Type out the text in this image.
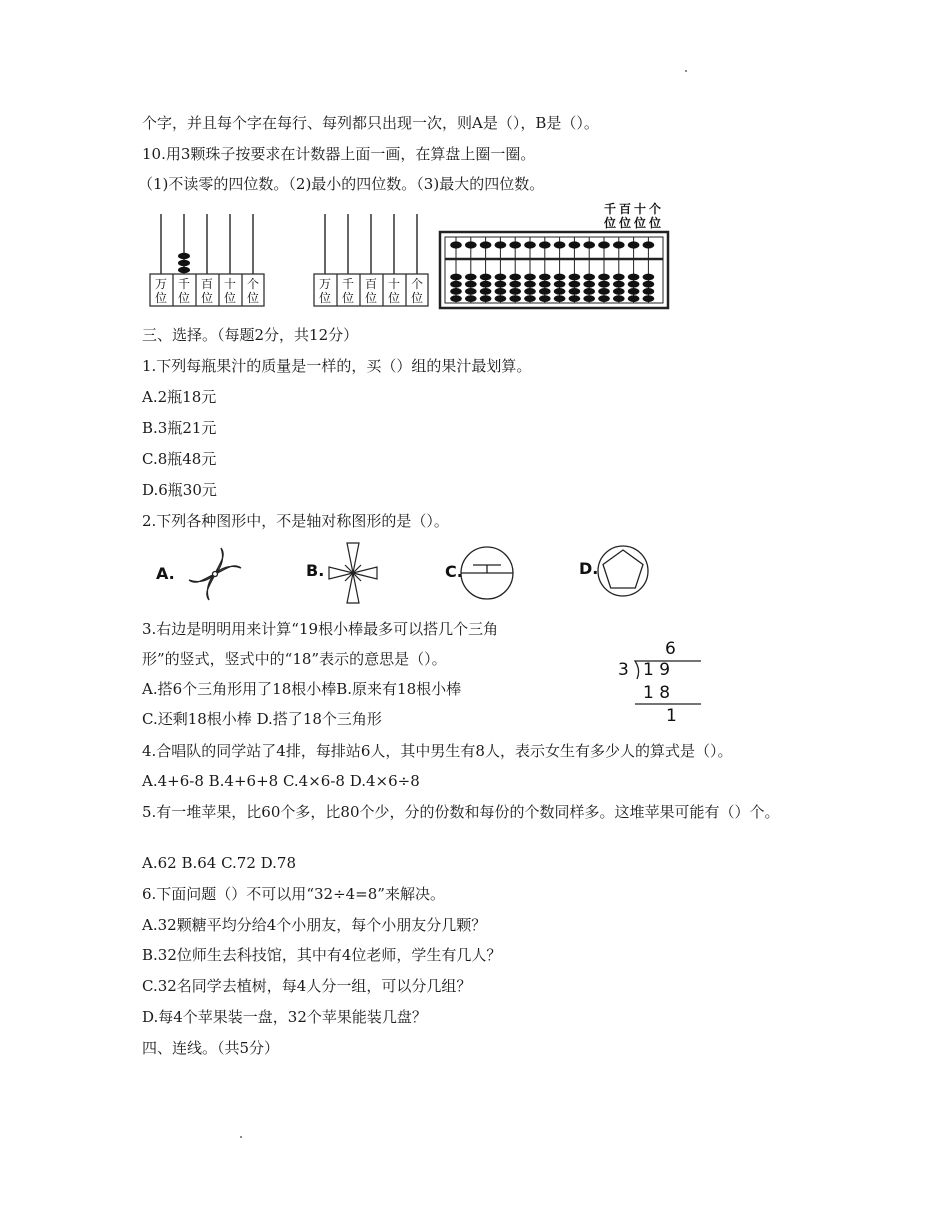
个字，并且每个字在每行、每列都只出现一次，则A是（），B是（）。
10.用3颗珠子按要求在计数器上面一画，在算盘上圈一圈。
（1)不读零的四位数。（2)最小的四位数。（3)最大的四位数。
万
位
千
位
百
位
十
位
个
位
万
位
千
位
百
位
十
位
个
位
千 百 十 个
位 位 位 位
三、选择。（每题2分，共12分）
1.下列每瓶果汁的质量是一样的，买（）组的果汁最划算。
A.2瓶18元
B.3瓶21元
C.8瓶48元
D.6瓶30元
2.下列各种图形中，不是轴对称图形的是（）。
A.	B.	C.	D.
3.右边是明明用来计算“19根小棒最多可以搭几个三角
形”的竖式，竖式中的“18”表示的意思是（）。
A.搭6个三角形用了18根小棒B.原来有18根小棒
C.还剩18根小棒 D.搭了18个三角形
6
3 1 9
1 8
1
4.合唱队的同学站了4排，每排站6人，其中男生有8人，表示女生有多少人的算式是（）。
A.4+6-8 B.4+6+8 C.4×6-8 D.4×6÷8
5.有一堆苹果，比60个多，比80个少，分的份数和每份的个数同样多。这堆苹果可能有（）个。
A.62 B.64 C.72 D.78
6.下面问题（）不可以用“32÷4=8”来解决。
A.32颗糖平均分给4个小朋友，每个小朋友分几颗？
B.32位师生去科技馆，其中有4位老师，学生有几人？
C.32名同学去植树，每4人分一组，可以分几组？
D.每4个苹果装一盘，32个苹果能装几盘？
四、连线。（共5分）
